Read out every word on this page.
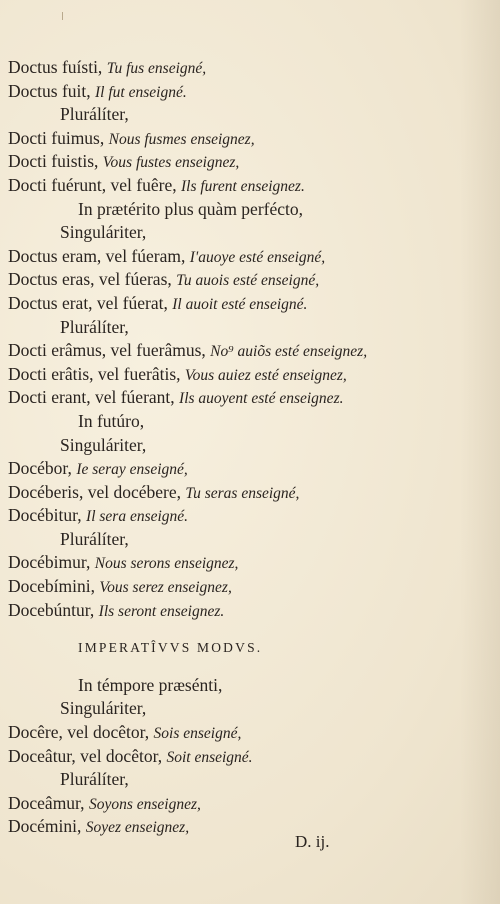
Doctus fuísti, Tu fus enseigné,
Doctus fuit, Il fut enseigné.
Plurálíter,
Docti fuimus, Nous fusmes enseignez,
Docti fuistis, Vous fustes enseignez,
Docti fuérunt, vel fuêre, Ils furent enseignez.
In prætérito plus quàm perfécto,
Singuláriter,
Doctus eram, vel fúeram, I'auoye esté enseigné,
Doctus eras, vel fúeras, Tu auois esté enseigné,
Doctus erat, vel fúerat, Il auoit esté enseigné.
Plurálíter,
Docti erâmus, vel fuerâmus, No⁹ auiõs esté enseignez,
Docti erâtis, vel fuerâtis, Vous auiez esté enseignez,
Docti erant, vel fúerant, Ils auoyent esté enseignez.
In futúro,
Singuláriter,
Docébor, Ie seray enseigné,
Docéberis, vel docébere, Tu seras enseigné,
Docébitur, Il sera enseigné.
Plurálíter,
Docébimur, Nous serons enseignez,
Docebímini, Vous serez enseignez,
Docebúntur, Ils seront enseignez.
IMPERATÎVVS MODVS.
In témpore præsénti,
Singuláriter,
Docêre, vel docêtor, Sois enseigné,
Doceâtur, vel docêtor, Soit enseigné.
Plurálíter,
Doceâmur, Soyons enseignez,
Docémini, Soyez enseignez,
D. ij.
